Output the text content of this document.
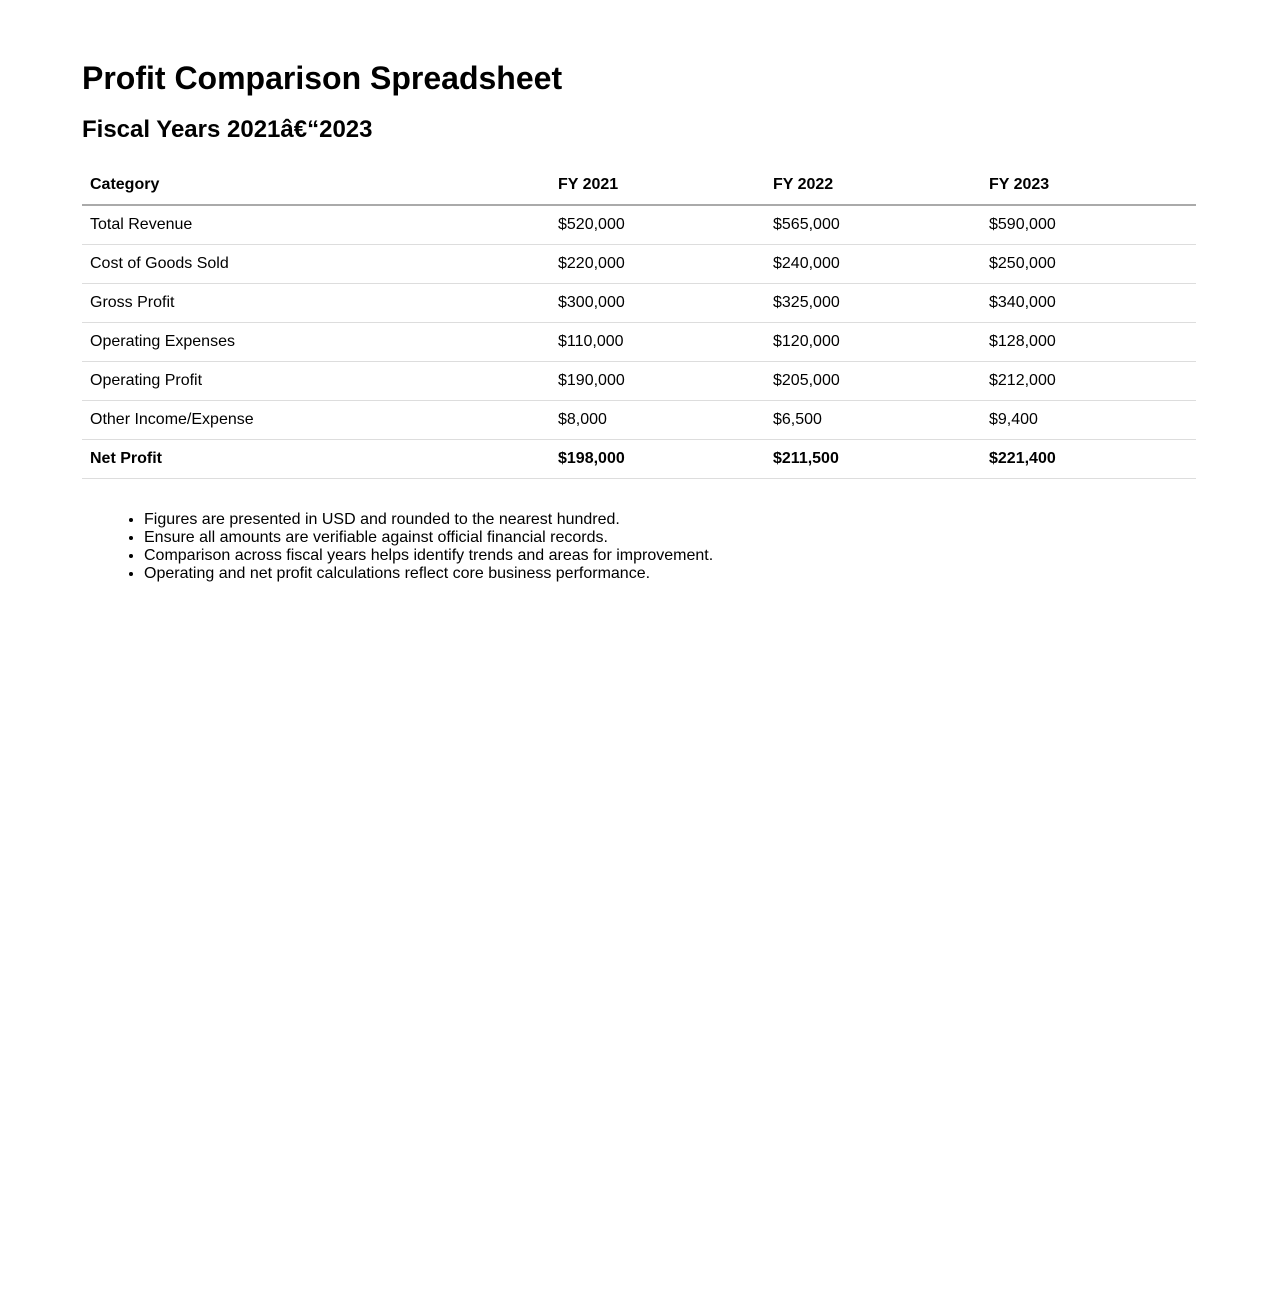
Profit Comparison Spreadsheet
Fiscal Years 2021â€“2023
Category	FY 2021	FY 2022	FY 2023
Total Revenue	$520,000	$565,000	$590,000
Cost of Goods Sold	$220,000	$240,000	$250,000
Gross Profit	$300,000	$325,000	$340,000
Operating Expenses	$110,000	$120,000	$128,000
Operating Profit	$190,000	$205,000	$212,000
Other Income/Expense	$8,000	$6,500	$9,400
Net Profit	$198,000	$211,500	$221,400
• Figures are presented in USD and rounded to the nearest hundred.
• Ensure all amounts are verifiable against official financial records.
• Comparison across fiscal years helps identify trends and areas for improvement.
• Operating and net profit calculations reflect core business performance.
